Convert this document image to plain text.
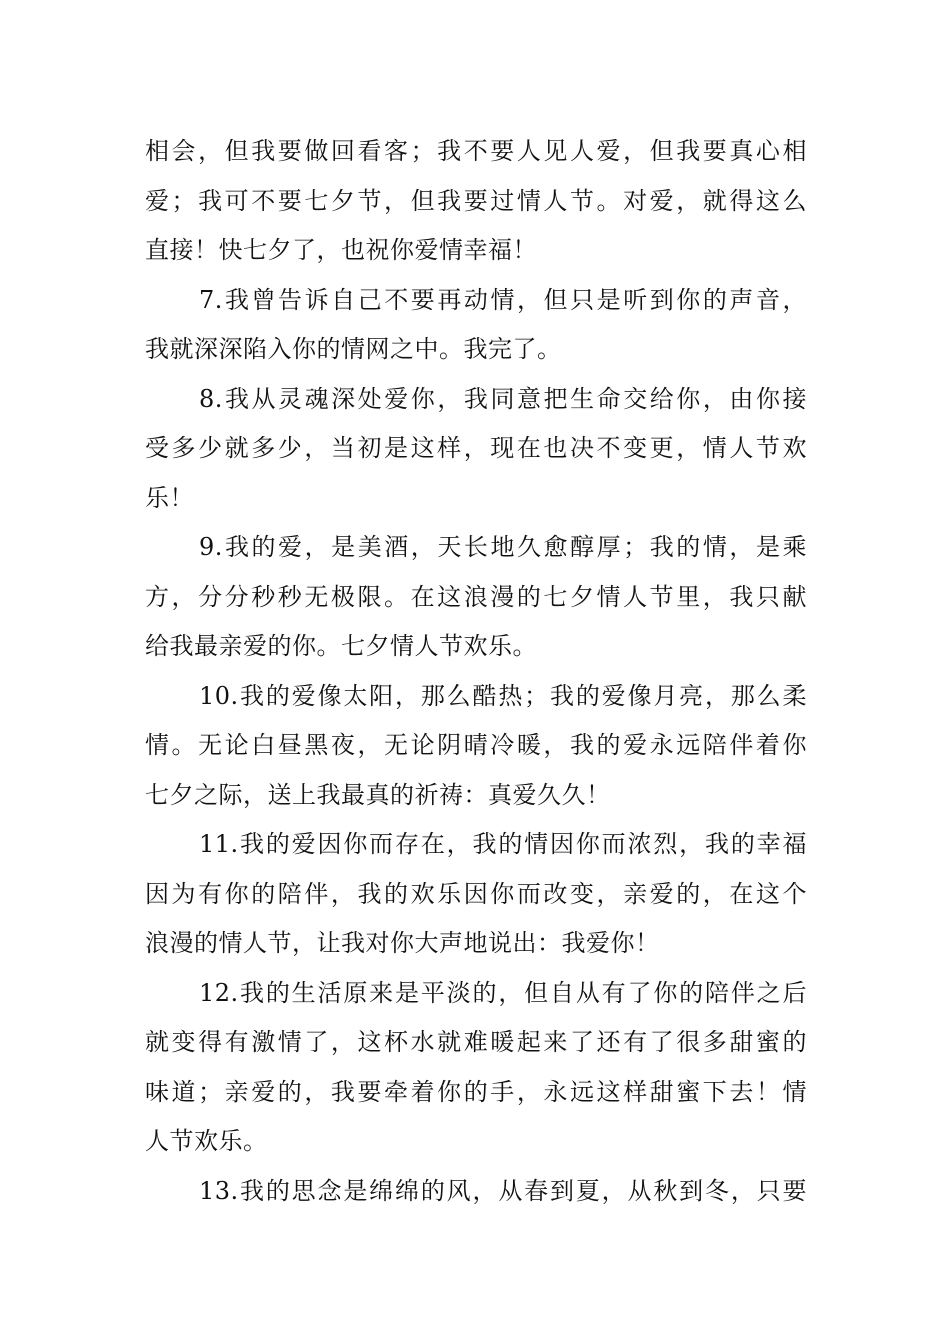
相会，但我要做回看客；我不要人见人爱，但我要真心相
爱；我可不要七夕节，但我要过情人节。对爱，就得这么
直接！快七夕了，也祝你爱情幸福！

7.我曾告诉自己不要再动情，但只是听到你的声音，
我就深深陷入你的情网之中。我完了。

8.我从灵魂深处爱你，我同意把生命交给你，由你接
受多少就多少，当初是这样，现在也决不变更，情人节欢
乐！

9.我的爱，是美酒，天长地久愈醇厚；我的情，是乘
方，分分秒秒无极限。在这浪漫的七夕情人节里，我只献
给我最亲爱的你。七夕情人节欢乐。

10.我的爱像太阳，那么酷热；我的爱像月亮，那么柔
情。无论白昼黑夜，无论阴晴冷暖，我的爱永远陪伴着你
七夕之际，送上我最真的祈祷：真爱久久！

11.我的爱因你而存在，我的情因你而浓烈，我的幸福
因为有你的陪伴，我的欢乐因你而改变，亲爱的，在这个
浪漫的情人节，让我对你大声地说出：我爱你！

12.我的生活原来是平淡的，但自从有了你的陪伴之后
就变得有激情了，这杯水就难暖起来了还有了很多甜蜜的
味道；亲爱的，我要牵着你的手，永远这样甜蜜下去！情
人节欢乐。

13.我的思念是绵绵的风，从春到夏，从秋到冬，只要
